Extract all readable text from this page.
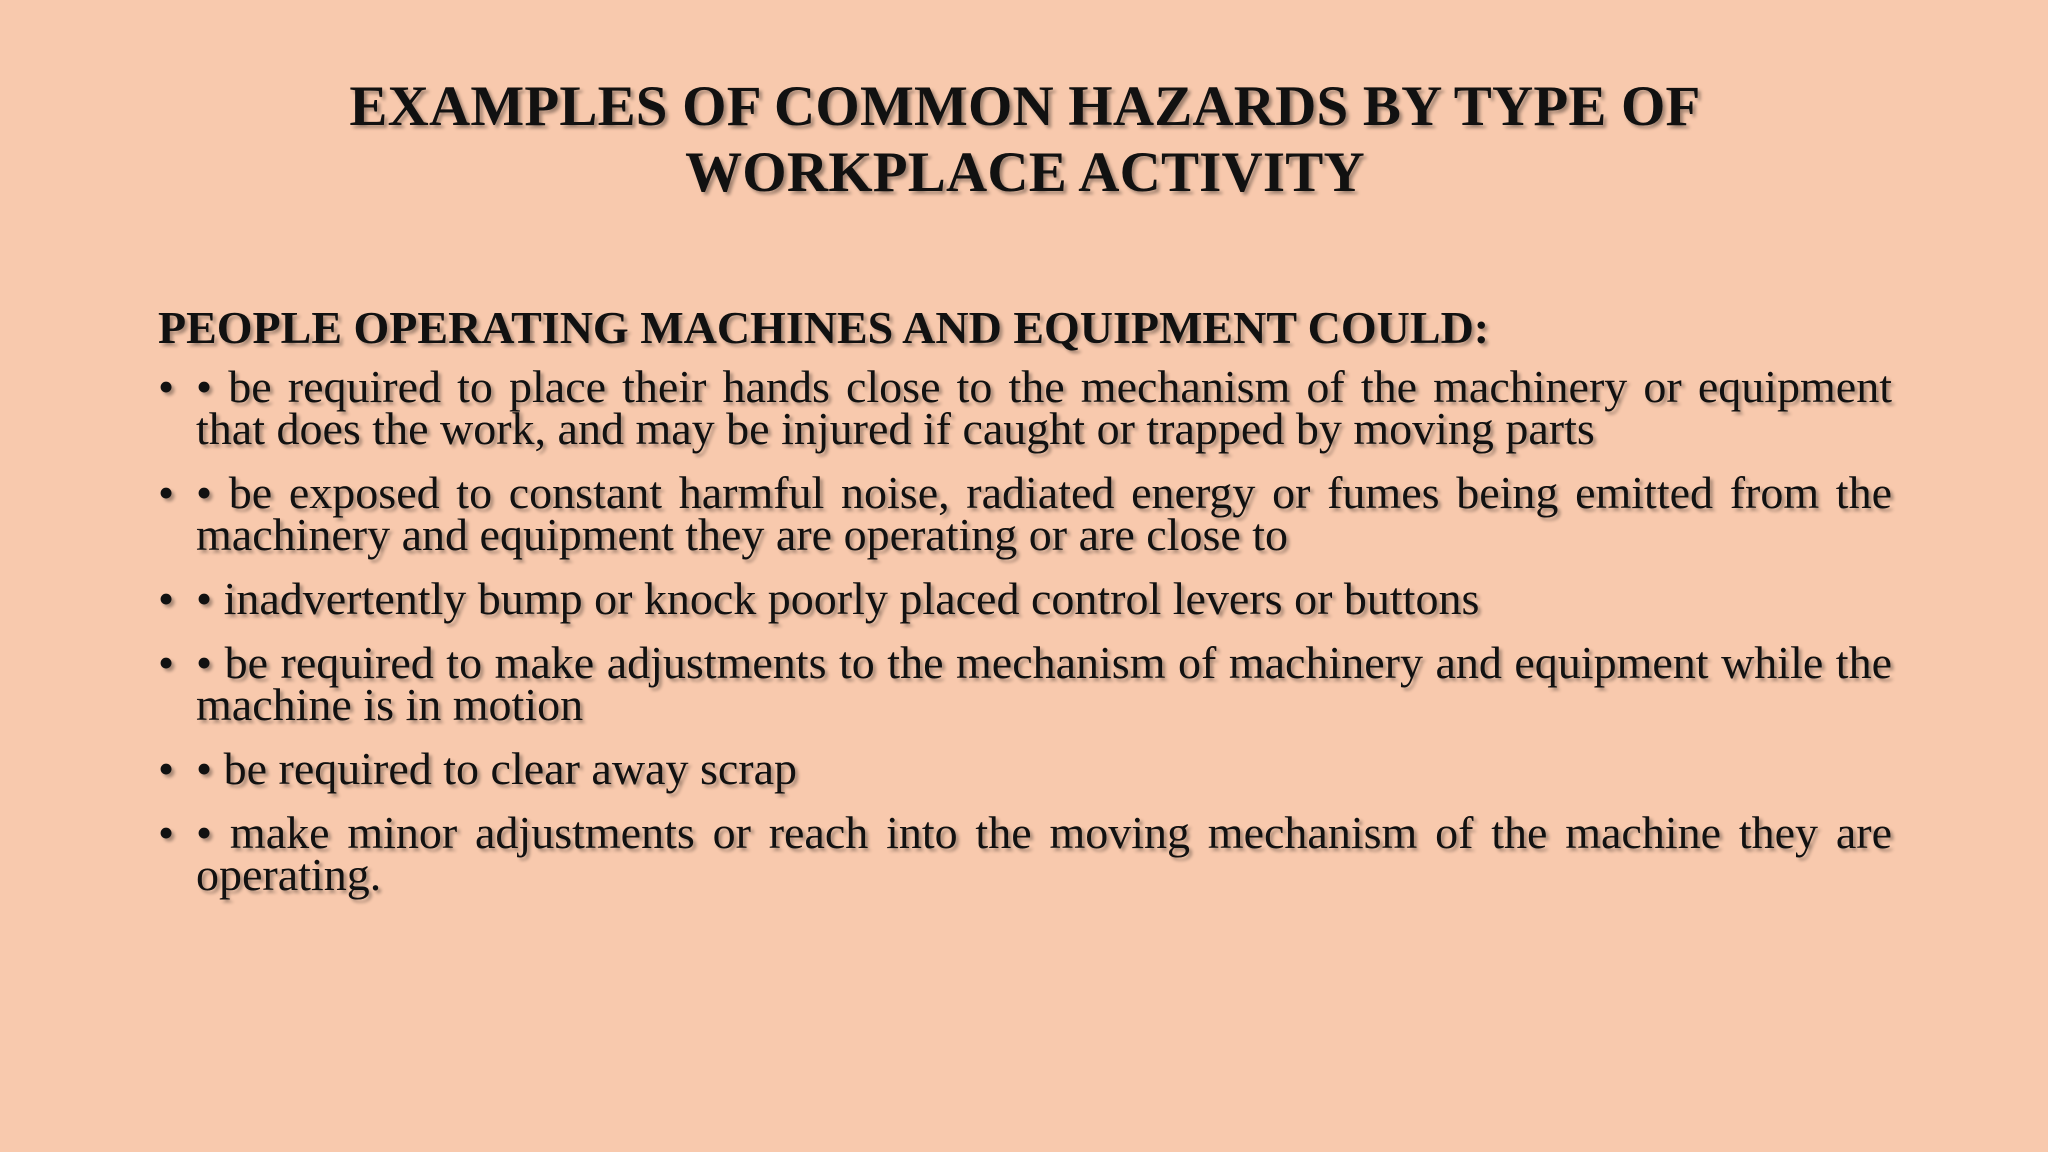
EXAMPLES OF COMMON HAZARDS BY TYPE OF
WORKPLACE ACTIVITY
PEOPLE OPERATING MACHINES AND EQUIPMENT COULD:
• • be required to place their hands close to the mechanism of the machinery or equipment that does the work, and may be injured if caught or trapped by moving parts
• • be exposed to constant harmful noise, radiated energy or fumes being emitted from the machinery and equipment they are operating or are close to
• • inadvertently bump or knock poorly placed control levers or buttons
• • be required to make adjustments to the mechanism of machinery and equipment while the machine is in motion
• • be required to clear away scrap
• • make minor adjustments or reach into the moving mechanism of the machine they are operating.
